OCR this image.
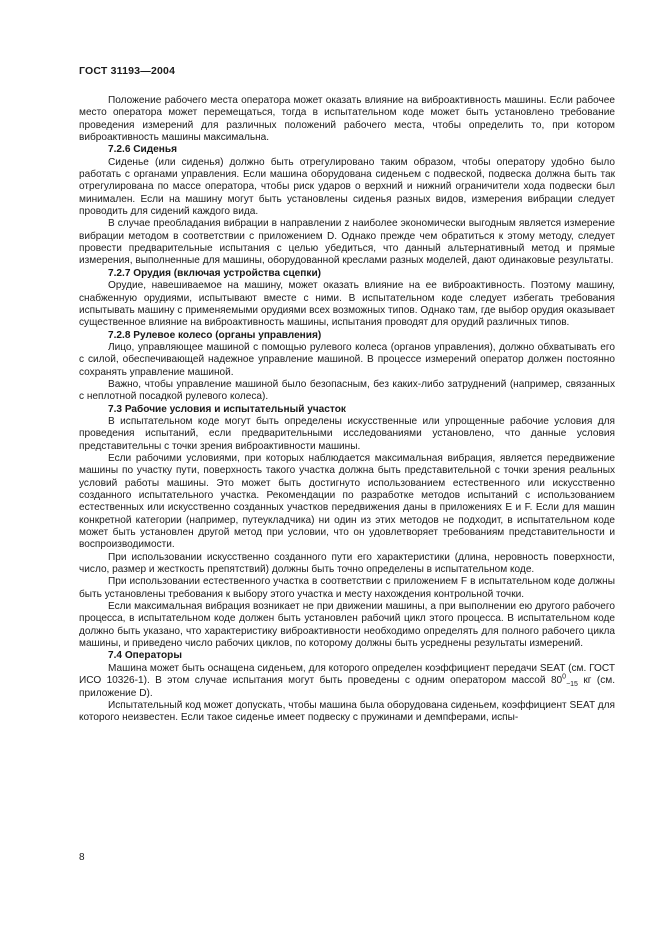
ГОСТ 31193—2004

Положение рабочего места оператора может оказать влияние на виброактивность машины. Если рабочее место оператора может перемещаться, тогда в испытательном коде может быть установлено требование проведения измерений для различных положений рабочего места, чтобы определить то, при котором виброактивность машины максимальна.

7.2.6 Сиденья

Сиденье (или сиденья) должно быть отрегулировано таким образом, чтобы оператору удобно было работать с органами управления. Если машина оборудована сиденьем с подвеской, подвеска должна быть так отрегулирована по массе оператора, чтобы риск ударов о верхний и нижний ограничители хода подвески был минимален. Если на машину могут быть установлены сиденья разных видов, измерения вибрации следует проводить для сидений каждого вида.

В случае преобладания вибрации в направлении z наиболее экономически выгодным является измерение вибрации методом в соответствии с приложением D. Однако прежде чем обратиться к этому методу, следует провести предварительные испытания с целью убедиться, что данный альтернативный метод и прямые измерения, выполненные для машины, оборудованной креслами разных моделей, дают одинаковые результаты.

7.2.7 Орудия (включая устройства сцепки)

Орудие, навешиваемое на машину, может оказать влияние на ее виброактивность. Поэтому машину, снабженную орудиями, испытывают вместе с ними. В испытательном коде следует избегать требования испытывать машину с применяемыми орудиями всех возможных типов. Однако там, где выбор орудия оказывает существенное влияние на виброактивность машины, испытания проводят для орудий различных типов.

7.2.8 Рулевое колесо (органы управления)

Лицо, управляющее машиной с помощью рулевого колеса (органов управления), должно обхватывать его с силой, обеспечивающей надежное управление машиной. В процессе измерений оператор должен постоянно сохранять управление машиной.

Важно, чтобы управление машиной было безопасным, без каких-либо затруднений (например, связанных с неплотной посадкой рулевого колеса).

7.3 Рабочие условия и испытательный участок

В испытательном коде могут быть определены искусственные или упрощенные рабочие условия для проведения испытаний, если предварительными исследованиями установлено, что данные условия представительны с точки зрения виброактивности машины.

Если рабочими условиями, при которых наблюдается максимальная вибрация, является передвижение машины по участку пути, поверхность такого участка должна быть представительной с точки зрения реальных условий работы машины. Это может быть достигнуто использованием естественного или искусственно созданного испытательного участка. Рекомендации по разработке методов испытаний с использованием естественных или искусственно созданных участков передвижения даны в приложениях Е и F. Если для машин конкретной категории (например, путеукладчика) ни один из этих методов не подходит, в испытательном коде может быть установлен другой метод при условии, что он удовлетворяет требованиям представительности и воспроизводимости.

При использовании искусственно созданного пути его характеристики (длина, неровность поверхности, число, размер и жесткость препятствий) должны быть точно определены в испытательном коде.

При использовании естественного участка в соответствии с приложением F в испытательном коде должны быть установлены требования к выбору этого участка и месту нахождения контрольной точки.

Если максимальная вибрация возникает не при движении машины, а при выполнении ею другого рабочего процесса, в испытательном коде должен быть установлен рабочий цикл этого процесса. В испытательном коде должно быть указано, что характеристику виброактивности необходимо определять для полного рабочего цикла машины, и приведено число рабочих циклов, по которому должны быть усреднены результаты измерений.

7.4 Операторы

Машина может быть оснащена сиденьем, для которого определен коэффициент передачи SEAT (см. ГОСТ ИСО 10326-1). В этом случае испытания могут быть проведены с одним оператором массой $80^0_{-15}$ кг (см. приложение D).

Испытательный код может допускать, чтобы машина была оборудована сиденьем, коэффициент SEAT для которого неизвестен. Если такое сиденье имеет подвеску с пружинами и демпферами, испы-

8
